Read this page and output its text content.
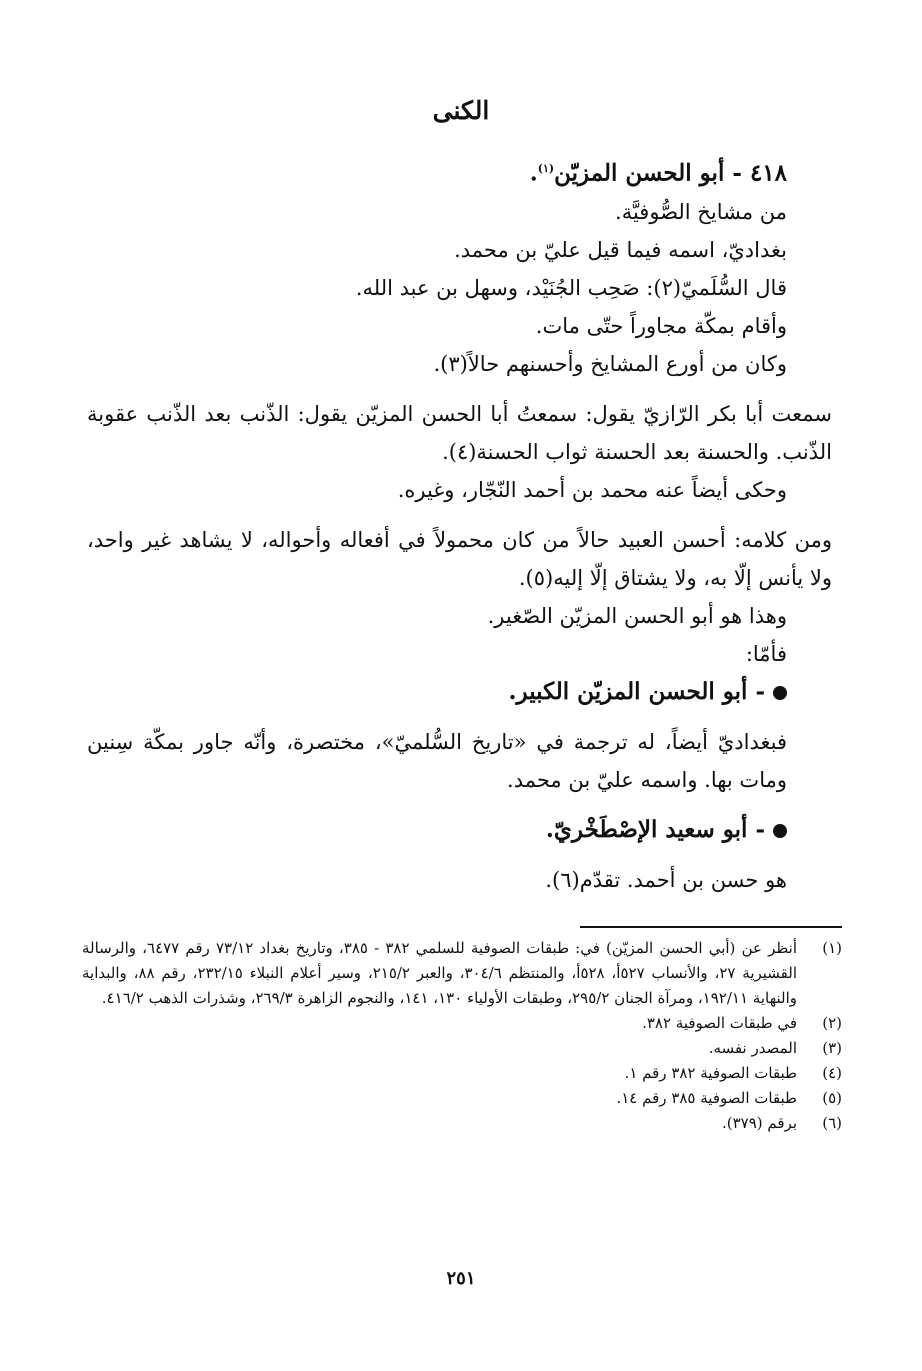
الكنى
٤١٨ - أبو الحسن المزيّن$^{(١)}$.
من مشايخ الصُّوفيَّة.
بغداديّ، اسمه فيما قيل عليّ بن محمد.
قال السُّلَميّ(٢): صَحِب الجُنَيْد، وسهل بن عبد الله.
وأقام بمكّة مجاوراً حتّى مات.
وكان من أورع المشايخ وأحسنهم حالاً(٣).
سمعت أبا بكر الرّازيّ يقول: سمعتُ أبا الحسن المزيّن يقول: الذّنب بعد الذّنب عقوبة الذّنب. والحسنة بعد الحسنة ثواب الحسنة(٤).
وحكى أيضاً عنه محمد بن أحمد النّجّار، وغيره.
ومن كلامه: أحسن العبيد حالاً من كان محمولاً في أفعاله وأحواله، لا يشاهد غير واحد، ولا يأنس إلّا به، ولا يشتاق إلّا إليه(٥).
وهذا هو أبو الحسن المزيّن الصّغير.
فأمّا:
- أبو الحسن المزيّن الكبير.
فبغداديّ أيضاً، له ترجمة في «تاريخ السُّلميّ»، مختصرة، وأنّه جاور بمكّة سِنين ومات بها. واسمه عليّ بن محمد.
- أبو سعيد الإصْطَخْريّ.
هو حسن بن أحمد. تقدّم(٦).
(١)
أنظر عن (أبي الحسن المزيّن) في: طبقات الصوفية للسلمي ٣٨٢ - ٣٨٥، وتاريخ بغداد ٧٣/١٢ رقم ٦٤٧٧، والرسالة القشيرية ٢٧، والأنساب ٥٢٧أ، ٥٢٨أ، والمنتظم ٣٠٤/٦، والعبر ٢١٥/٢، وسير أعلام النبلاء ٢٣٢/١٥، رقم ٨٨، والبداية والنهاية ١٩٢/١١، ومرآة الجنان ٢٩٥/٢، وطبقات الأولياء ١٣٠، ١٤١، والنجوم الزاهرة ٢٦٩/٣، وشذرات الذهب ٤١٦/٢.
(٢)
في طبقات الصوفية ٣٨٢.
(٣)
المصدر نفسه.
(٤)
طبقات الصوفية ٣٨٢ رقم ١.
(٥)
طبقات الصوفية ٣٨٥ رقم ١٤.
(٦)
برقم (٣٧٩).
٢٥١
